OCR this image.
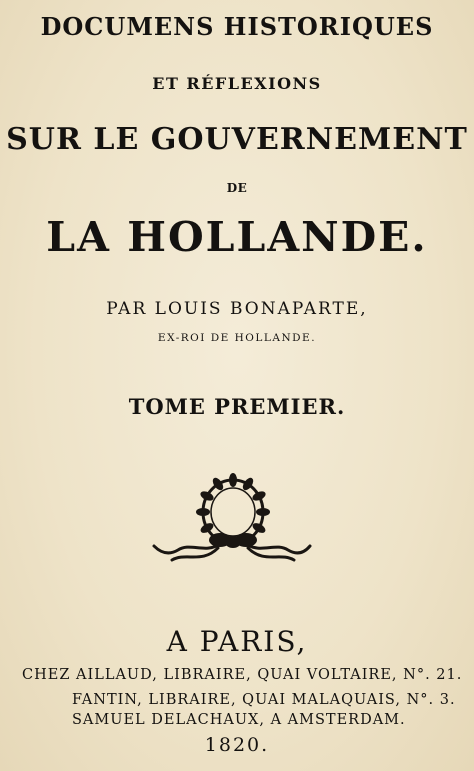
DOCUMENS HISTORIQUES
ET RÉFLEXIONS
SUR LE GOUVERNEMENT
DE
LA HOLLANDE.
PAR LOUIS BONAPARTE,
EX-ROI DE HOLLANDE.
TOME PREMIER.
A PARIS,
CHEZ AILLAUD, LIBRAIRE, QUAI VOLTAIRE, N°. 21.
FANTIN, LIBRAIRE, QUAI MALAQUAIS, N°. 3.
SAMUEL DELACHAUX, A AMSTERDAM.
1820.
